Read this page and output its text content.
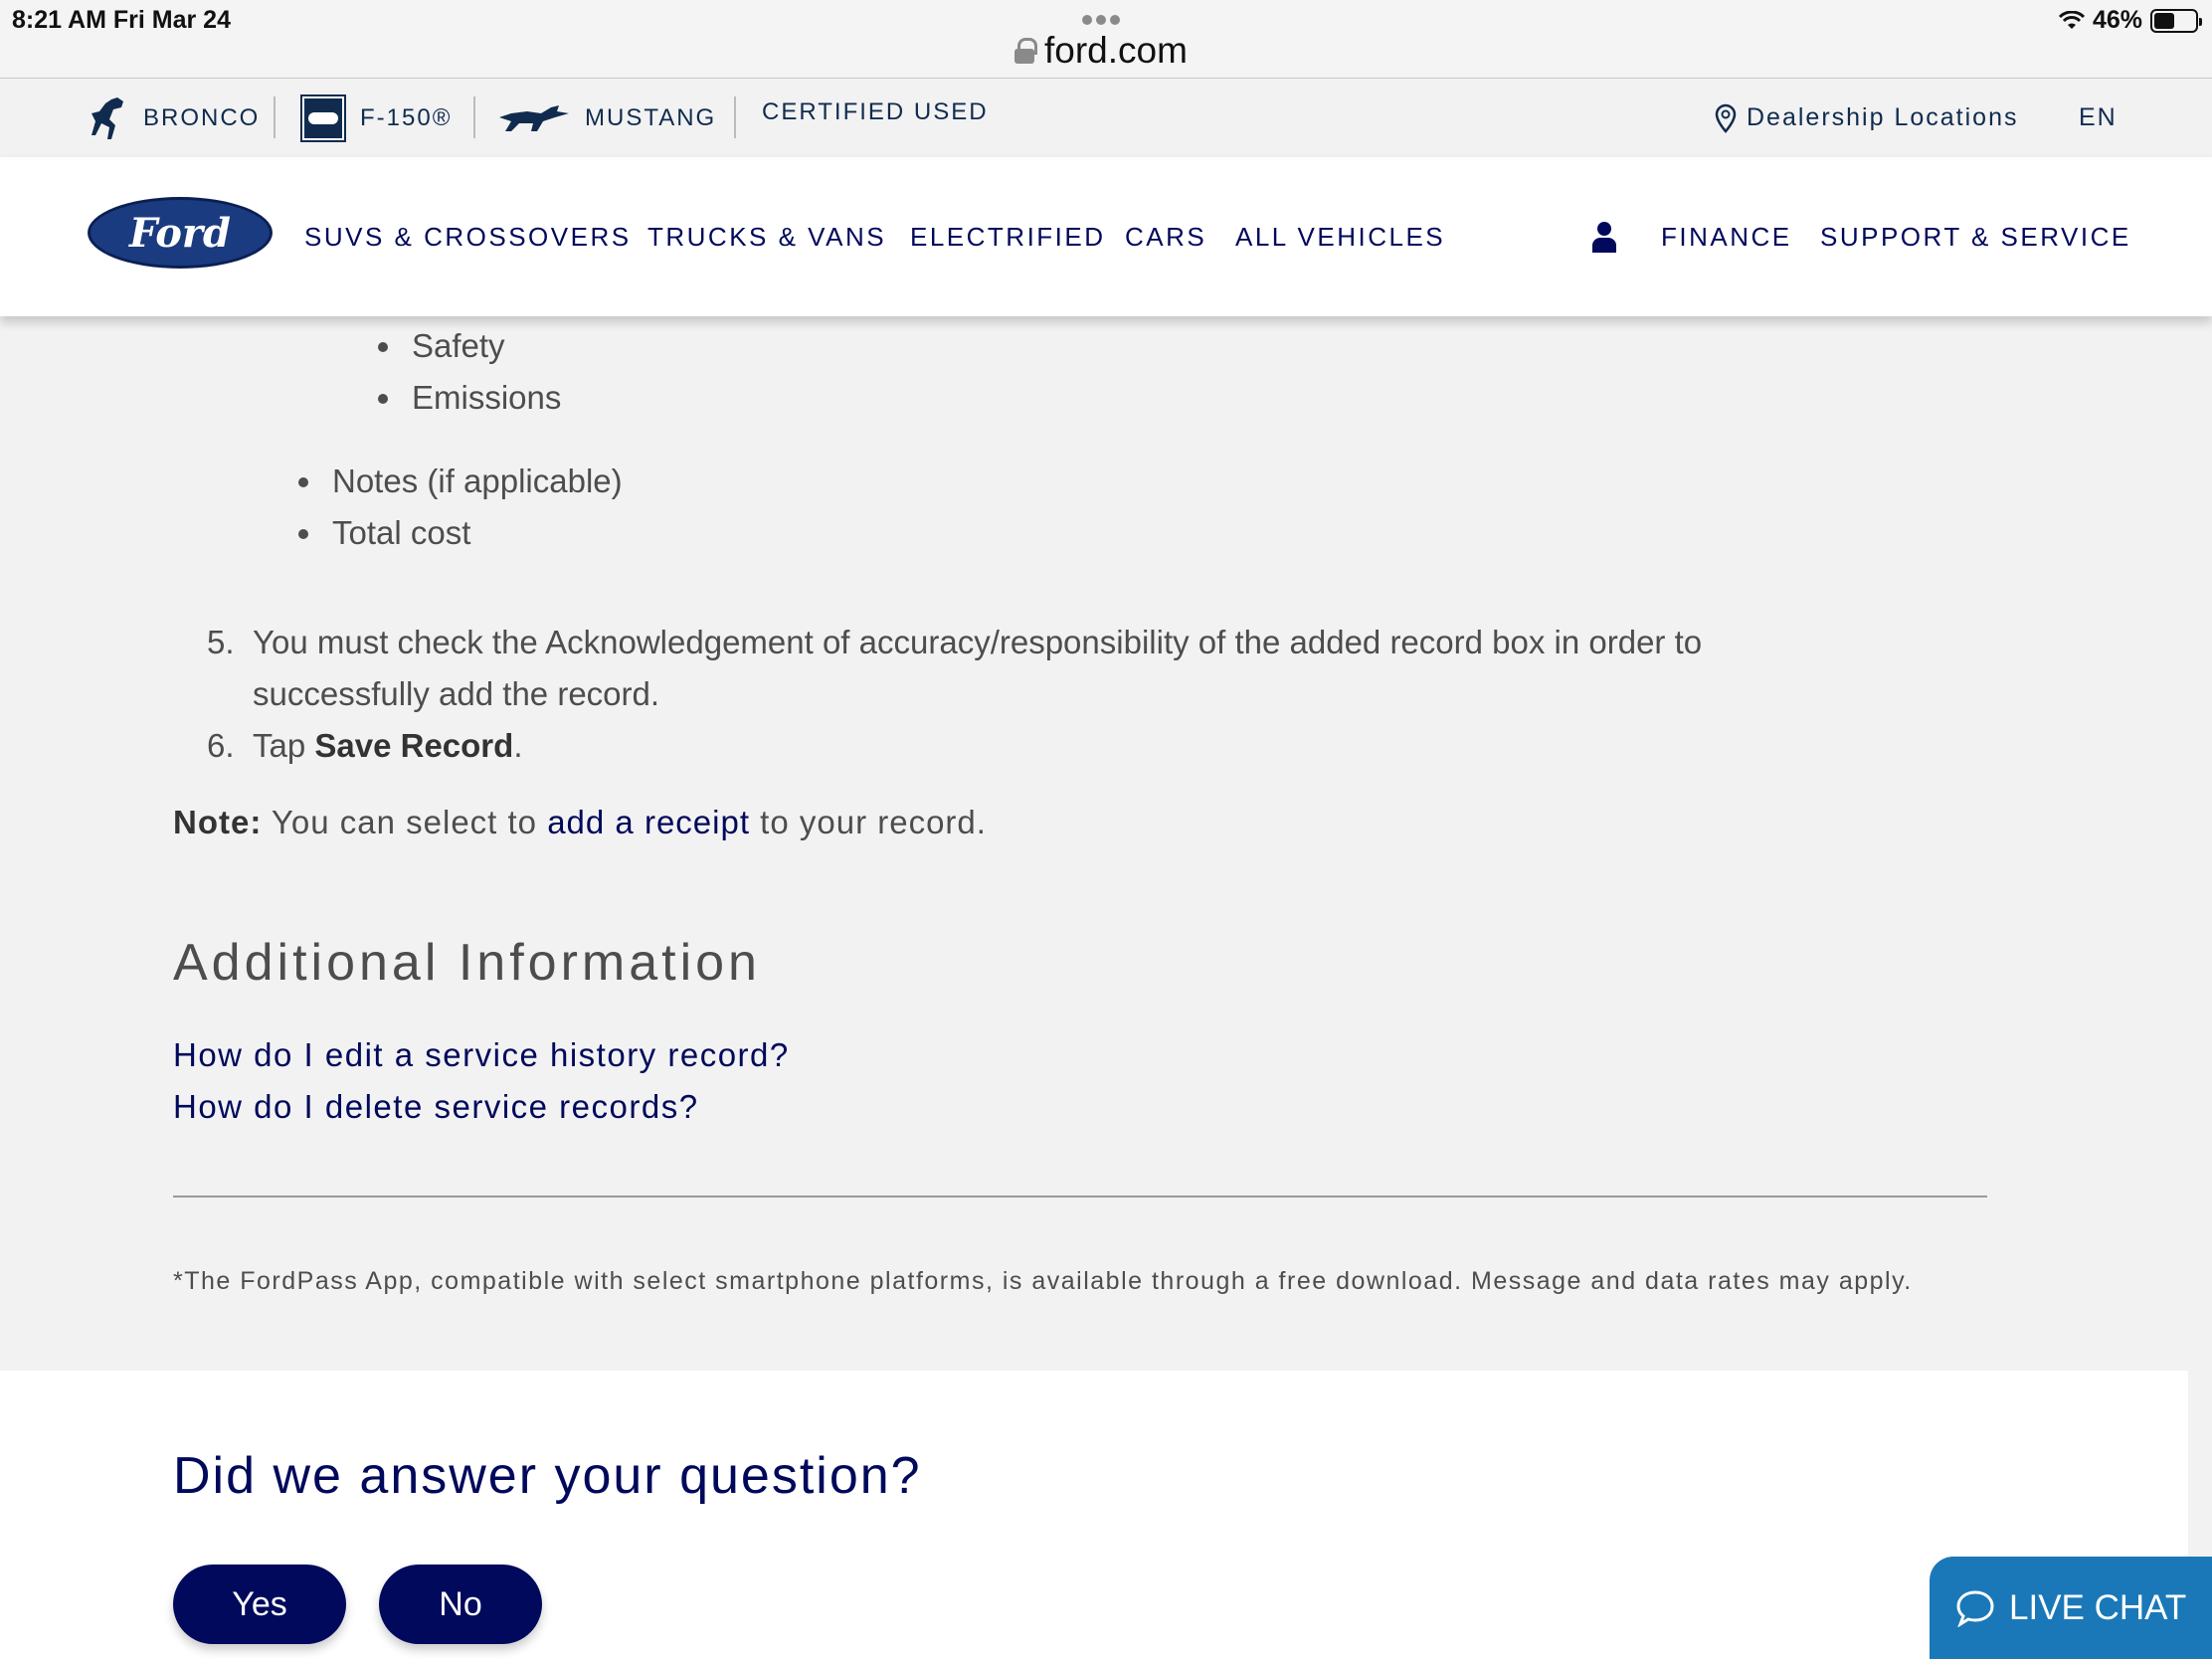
8:21 AM Fri Mar 24
ford.com
46%
BRONCO	F-150®	MUSTANG CERTIFIED USED	Dealership Locations EN
Ford	SUVS & CROSSOVERS TRUCKS & VANS ELECTRIFIED CARS ALL VEHICLES	FINANCE SUPPORT & SERVICE
Safety
Emissions
Notes (if applicable)
Total cost
5. You must check the Acknowledgement of accuracy/responsibility of the added record box in order to
successfully add the record.
6. Tap Save Record.
Note: You can select to add a receipt to your record.
Additional Information
How do I edit a service history record?
How do I delete service records?
*The FordPass App, compatible with select smartphone platforms, is available through a free download. Message and data rates may apply.
Did we answer your question?
Yes	No	LIVE CHAT
